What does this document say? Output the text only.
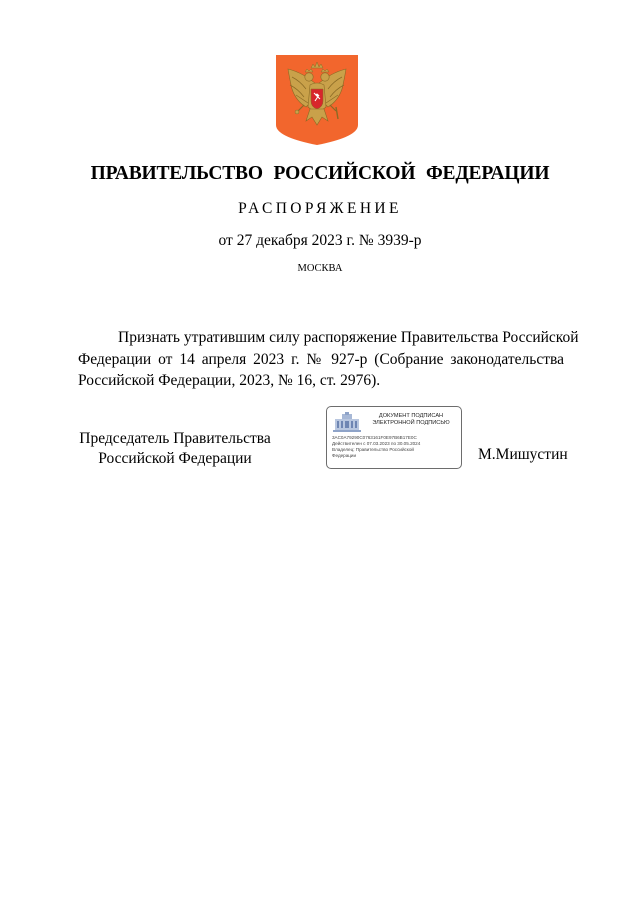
ПРАВИТЕЛЬСТВО РОССИЙСКОЙ ФЕДЕРАЦИИ
РАСПОРЯЖЕНИЕ
от 27 декабря 2023 г. № 3939-р
МОСКВА
Признать утратившим силу распоряжение Правительства Российской
Федерации от 14 апреля 2023 г. № 927-р (Собрание законодательства
Российской Федерации, 2023, № 16, ст. 2976).
Председатель Правительства
Российской Федерации
ДОКУМЕНТ ПОДПИСАН
ЭЛЕКТРОННОЙ ПОДПИСЬЮ
3AC0A79290C0763161F0E97B6B17E0C
Действителен с 07.03.2023 по 30.05.2024
Владелец: Правительство Российской
Федерации	М.Мишустин
